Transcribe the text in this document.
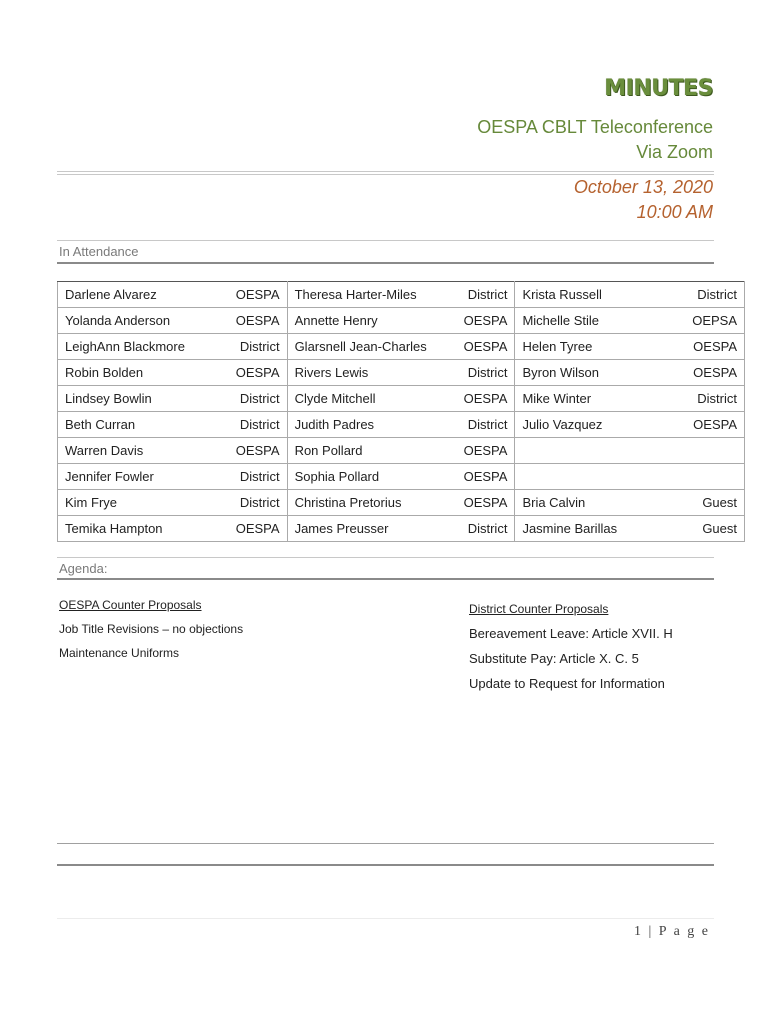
MINUTES
OESPA CBLT Teleconference
Via Zoom
October 13, 2020
10:00 AM
In Attendance
Darlene Alvarez	OESPA	Theresa Harter-Miles	District	Krista Russell	District
Yolanda Anderson	OESPA	Annette Henry	OESPA	Michelle Stile	OEPSA
LeighAnn Blackmore	District	Glarsnell Jean-Charles	OESPA	Helen Tyree	OESPA
Robin Bolden	OESPA	Rivers Lewis	District	Byron Wilson	OESPA
Lindsey Bowlin	District	Clyde Mitchell	OESPA	Mike Winter	District
Beth Curran	District	Judith Padres	District	Julio Vazquez	OESPA
Warren Davis	OESPA	Ron Pollard	OESPA		
Jennifer Fowler	District	Sophia Pollard	OESPA		
Kim Frye	District	Christina Pretorius	OESPA	Bria Calvin	Guest
Temika Hampton	OESPA	James Preusser	District	Jasmine Barillas	Guest
Agenda:
OESPA Counter Proposals
Job Title Revisions – no objections
Maintenance Uniforms
District Counter Proposals
Bereavement Leave: Article XVII. H
Substitute Pay: Article X. C. 5
Update to Request for Information
1 | P a g e
